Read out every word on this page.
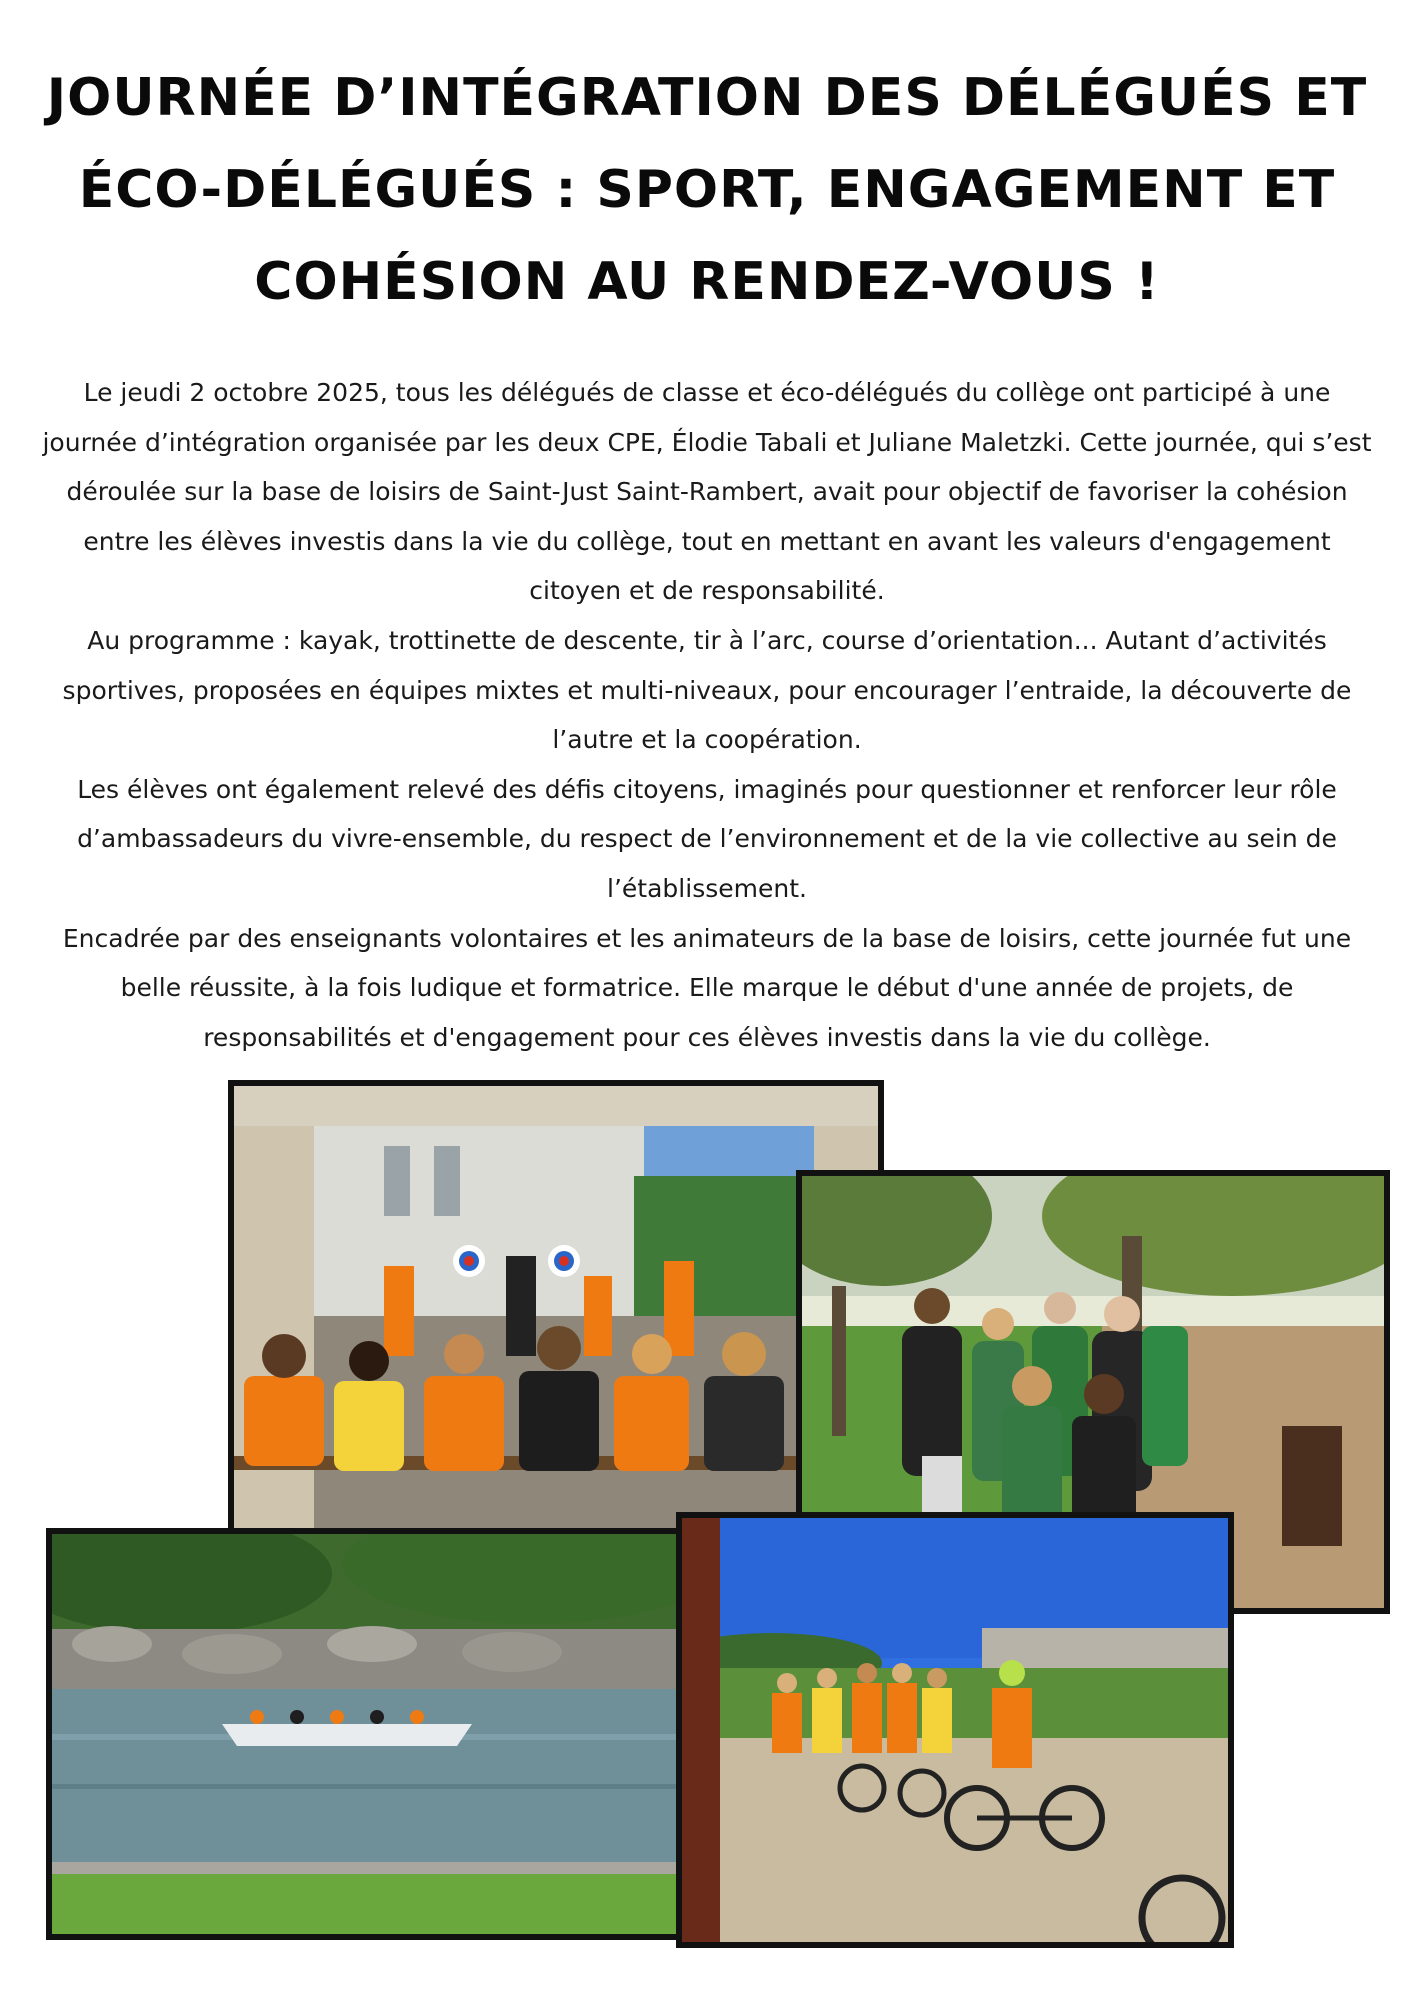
JOURNÉE D’INTÉGRATION DES DÉLÉGUÉS ET ÉCO-DÉLÉGUÉS : SPORT, ENGAGEMENT ET COHÉSION AU RENDEZ-VOUS !

Le jeudi 2 octobre 2025, tous les délégués de classe et éco-délégués du collège ont participé à une journée d’intégration organisée par les deux CPE, Élodie Tabali et Juliane Maletzki. Cette journée, qui s’est déroulée sur la base de loisirs de Saint-Just Saint-Rambert, avait pour objectif de favoriser la cohésion entre les élèves investis dans la vie du collège, tout en mettant en avant les valeurs d'engagement citoyen et de responsabilité.

Au programme : kayak, trottinette de descente, tir à l’arc, course d’orientation... Autant d’activités sportives, proposées en équipes mixtes et multi-niveaux, pour encourager l’entraide, la découverte de l’autre et la coopération.

Les élèves ont également relevé des défis citoyens, imaginés pour questionner et renforcer leur rôle d’ambassadeurs du vivre-ensemble, du respect de l’environnement et de la vie collective au sein de l’établissement.

Encadrée par des enseignants volontaires et les animateurs de la base de loisirs, cette journée fut une belle réussite, à la fois ludique et formatrice. Elle marque le début d'une année de projets, de responsabilités et d'engagement pour ces élèves investis dans la vie du collège.
